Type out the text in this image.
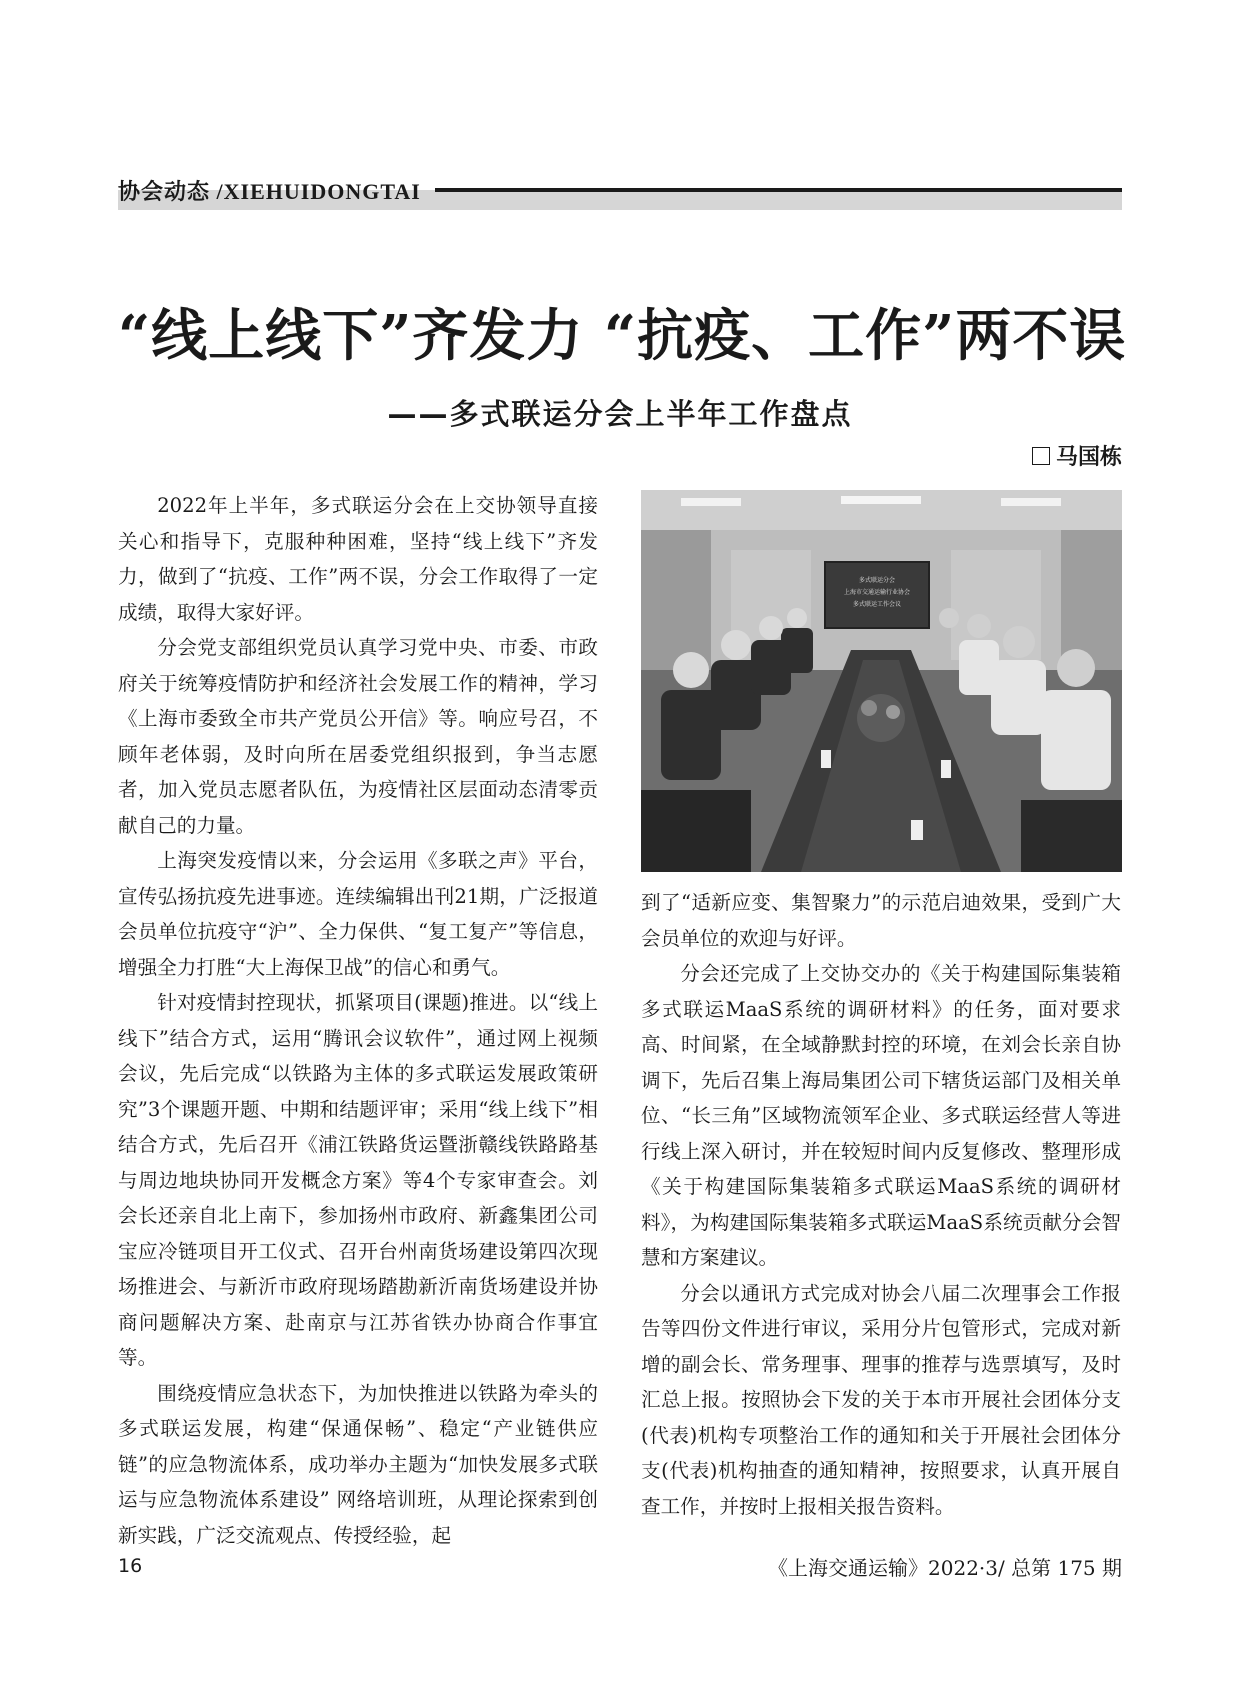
协会动态 /XIEHUIDONGTAI
“线上线下”齐发力 “抗疫、工作”两不误
——多式联运分会上半年工作盘点
马国栋

2022年上半年，多式联运分会在上交协领导直接关心和指导下，克服种种困难，坚持“线上线下”齐发力，做到了“抗疫、工作”两不误，分会工作取得了一定成绩，取得大家好评。

分会党支部组织党员认真学习党中央、市委、市政府关于统筹疫情防护和经济社会发展工作的精神，学习《上海市委致全市共产党员公开信》等。响应号召，不顾年老体弱，及时向所在居委党组织报到，争当志愿者，加入党员志愿者队伍，为疫情社区层面动态清零贡献自己的力量。

上海突发疫情以来，分会运用《多联之声》平台，宣传弘扬抗疫先进事迹。连续编辑出刊21期，广泛报道会员单位抗疫守“沪”、全力保供、“复工复产”等信息，增强全力打胜“大上海保卫战”的信心和勇气。

针对疫情封控现状，抓紧项目(课题)推进。以“线上线下”结合方式，运用“腾讯会议软件”，通过网上视频会议，先后完成“以铁路为主体的多式联运发展政策研究”3个课题开题、中期和结题评审；采用“线上线下”相结合方式，先后召开《浦江铁路货运暨浙赣线铁路路基与周边地块协同开发概念方案》等4个专家审查会。刘会长还亲自北上南下，参加扬州市政府、新鑫集团公司宝应冷链项目开工仪式、召开台州南货场建设第四次现场推进会、与新沂市政府现场踏勘新沂南货场建设并协商问题解决方案、赴南京与江苏省铁办协商合作事宜等。

围绕疫情应急状态下，为加快推进以铁路为牵头的多式联运发展，构建“保通保畅”、稳定“产业链供应链”的应急物流体系，成功举办主题为“加快发展多式联运与应急物流体系建设” 网络培训班，从理论探索到创新实践，广泛交流观点、传授经验，起

多式联运分会
上海市交通运输行业协会
多式联运工作会议

到了“适新应变、集智聚力”的示范启迪效果，受到广大会员单位的欢迎与好评。

分会还完成了上交协交办的《关于构建国际集装箱多式联运MaaS系统的调研材料》的任务，面对要求高、时间紧，在全域静默封控的环境，在刘会长亲自协调下，先后召集上海局集团公司下辖货运部门及相关单位、“长三角”区域物流领军企业、多式联运经营人等进行线上深入研讨，并在较短时间内反复修改、整理形成《关于构建国际集装箱多式联运MaaS系统的调研材料》，为构建国际集装箱多式联运MaaS系统贡献分会智慧和方案建议。

分会以通讯方式完成对协会八届二次理事会工作报告等四份文件进行审议，采用分片包管形式，完成对新增的副会长、常务理事、理事的推荐与选票填写，及时汇总上报。按照协会下发的关于本市开展社会团体分支(代表)机构专项整治工作的通知和关于开展社会团体分支(代表)机构抽查的通知精神，按照要求，认真开展自查工作，并按时上报相关报告资料。

16	《上海交通运输》2022·3/ 总第 175 期
